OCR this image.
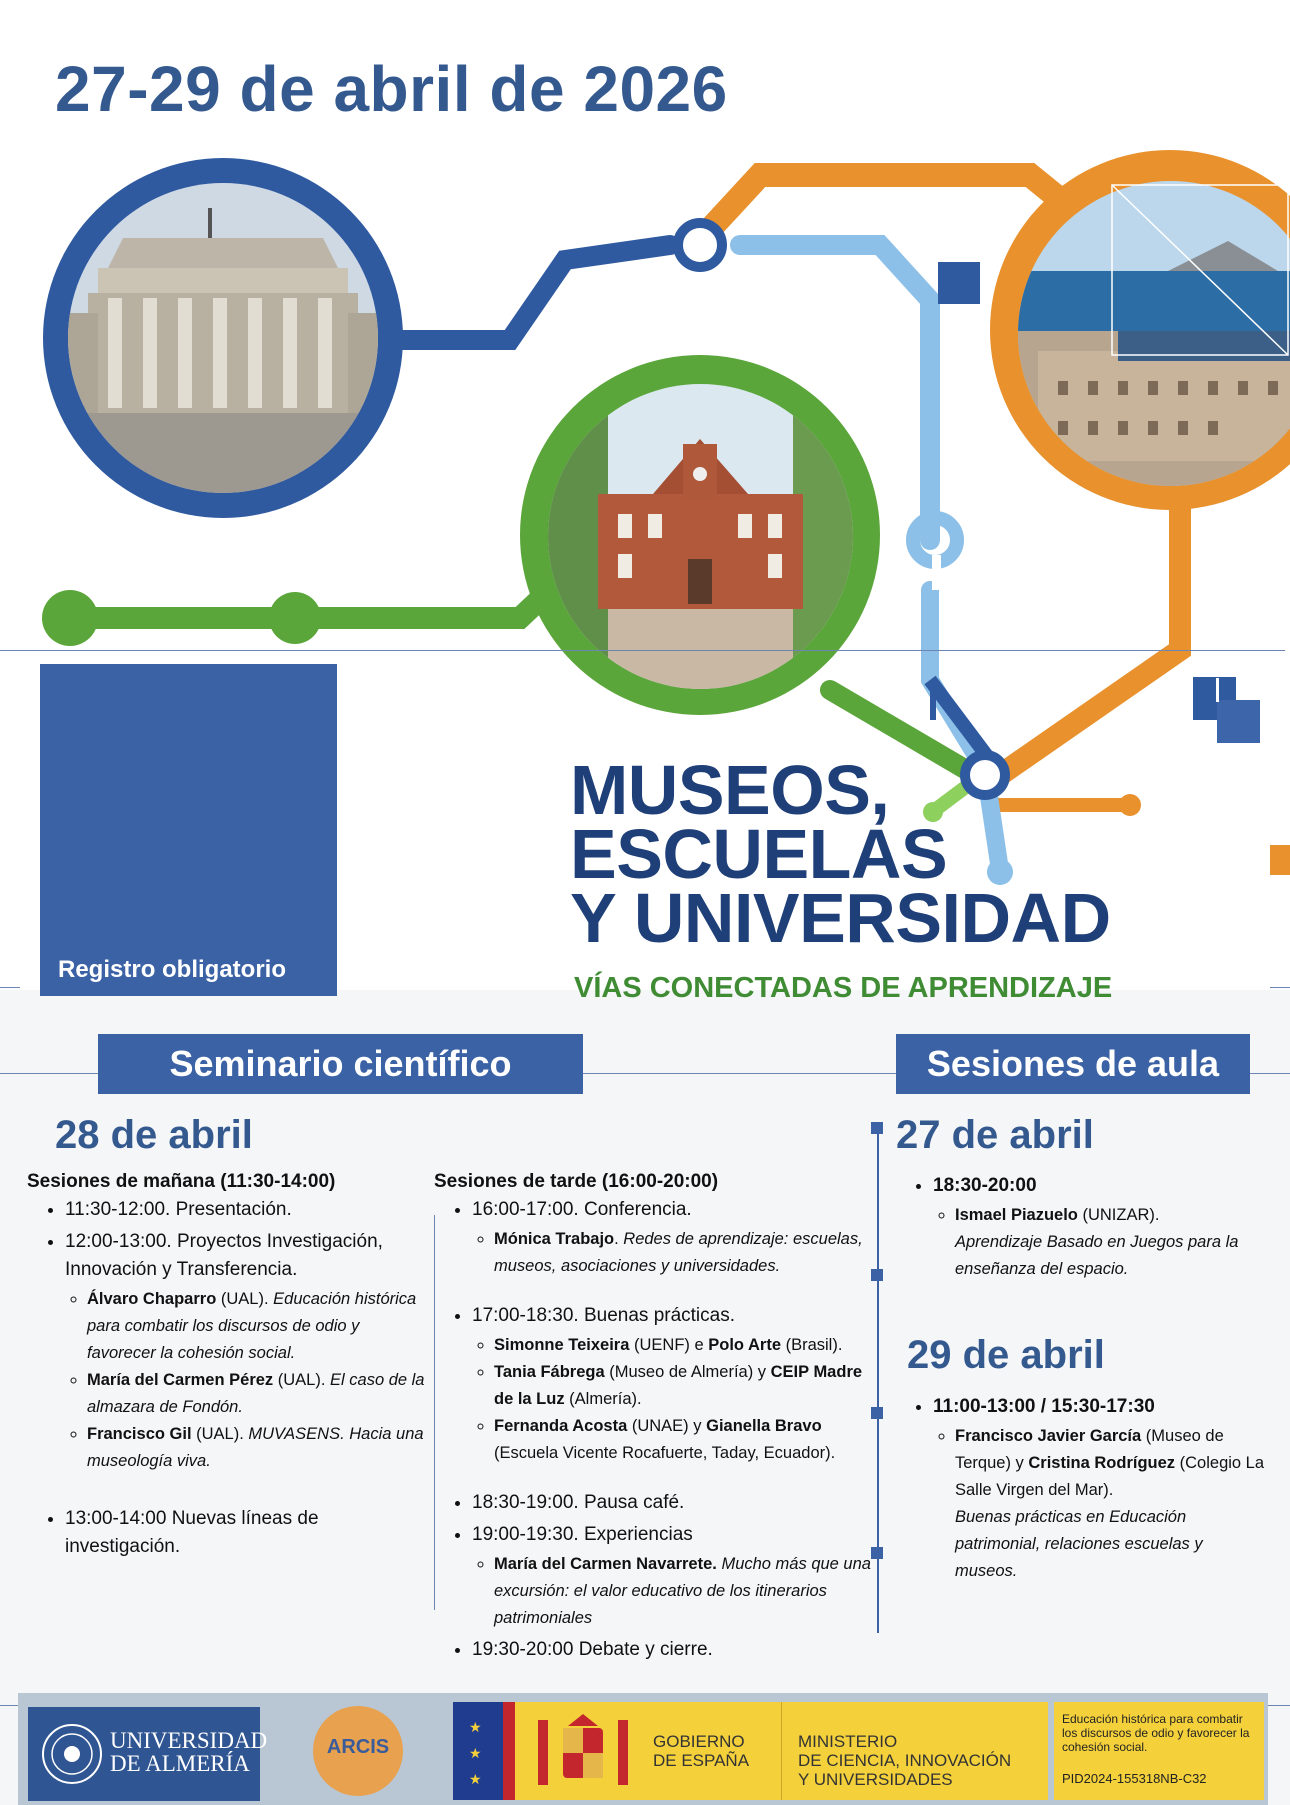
27-29 de abril de 2026
MUSEOS,
ESCUELAS
Y UNIVERSIDAD
VÍAS CONECTADAS DE APRENDIZAJE
Registro obligatorio
Seminario científico	Sesiones de aula
28 de abril
Sesiones de mañana (11:30-14:00)
• 11:30-12:00. Presentación.
• 12:00-13:00. Proyectos Investigación, Innovación y Transferencia.
◦ Álvaro Chaparro (UAL). Educación histórica para combatir los discursos de odio y favorecer la cohesión social.
◦ María del Carmen Pérez (UAL). El caso de la almazara de Fondón.
◦ Francisco Gil (UAL). MUVASENS. Hacia una museología viva.
• 13:00-14:00 Nuevas líneas de investigación.
Sesiones de tarde (16:00-20:00)
• 16:00-17:00. Conferencia.
◦ Mónica Trabajo. Redes de aprendizaje: escuelas, museos, asociaciones y universidades.
• 17:00-18:30. Buenas prácticas.
◦ Simonne Teixeira (UENF) e Polo Arte (Brasil).
◦ Tania Fábrega (Museo de Almería) y CEIP Madre de la Luz (Almería).
◦ Fernanda Acosta (UNAE) y Gianella Bravo (Escuela Vicente Rocafuerte, Taday, Ecuador).
• 18:30-19:00. Pausa café.
• 19:00-19:30. Experiencias
◦ María del Carmen Navarrete. Mucho más que una excursión: el valor educativo de los itinerarios patrimoniales
• 19:30-20:00 Debate y cierre.
27 de abril
• 18:30-20:00
◦ Ismael Piazuelo (UNIZAR).
Aprendizaje Basado en Juegos para la enseñanza del espacio.
29 de abril
• 11:00-13:00 / 15:30-17:30
◦ Francisco Javier García (Museo de Terque) y Cristina Rodríguez (Colegio La Salle Virgen del Mar).
Buenas prácticas en Educación patrimonial, relaciones escuelas y museos.
UNIVERSIDAD
DE ALMERÍA
ARCIS
★
★
★
GOBIERNO
DE ESPAÑA
MINISTERIO
DE CIENCIA, INNOVACIÓN
Y UNIVERSIDADES
Educación histórica para combatir los discursos de odio y favorecer la cohesión social.
PID2024-155318NB-C32
